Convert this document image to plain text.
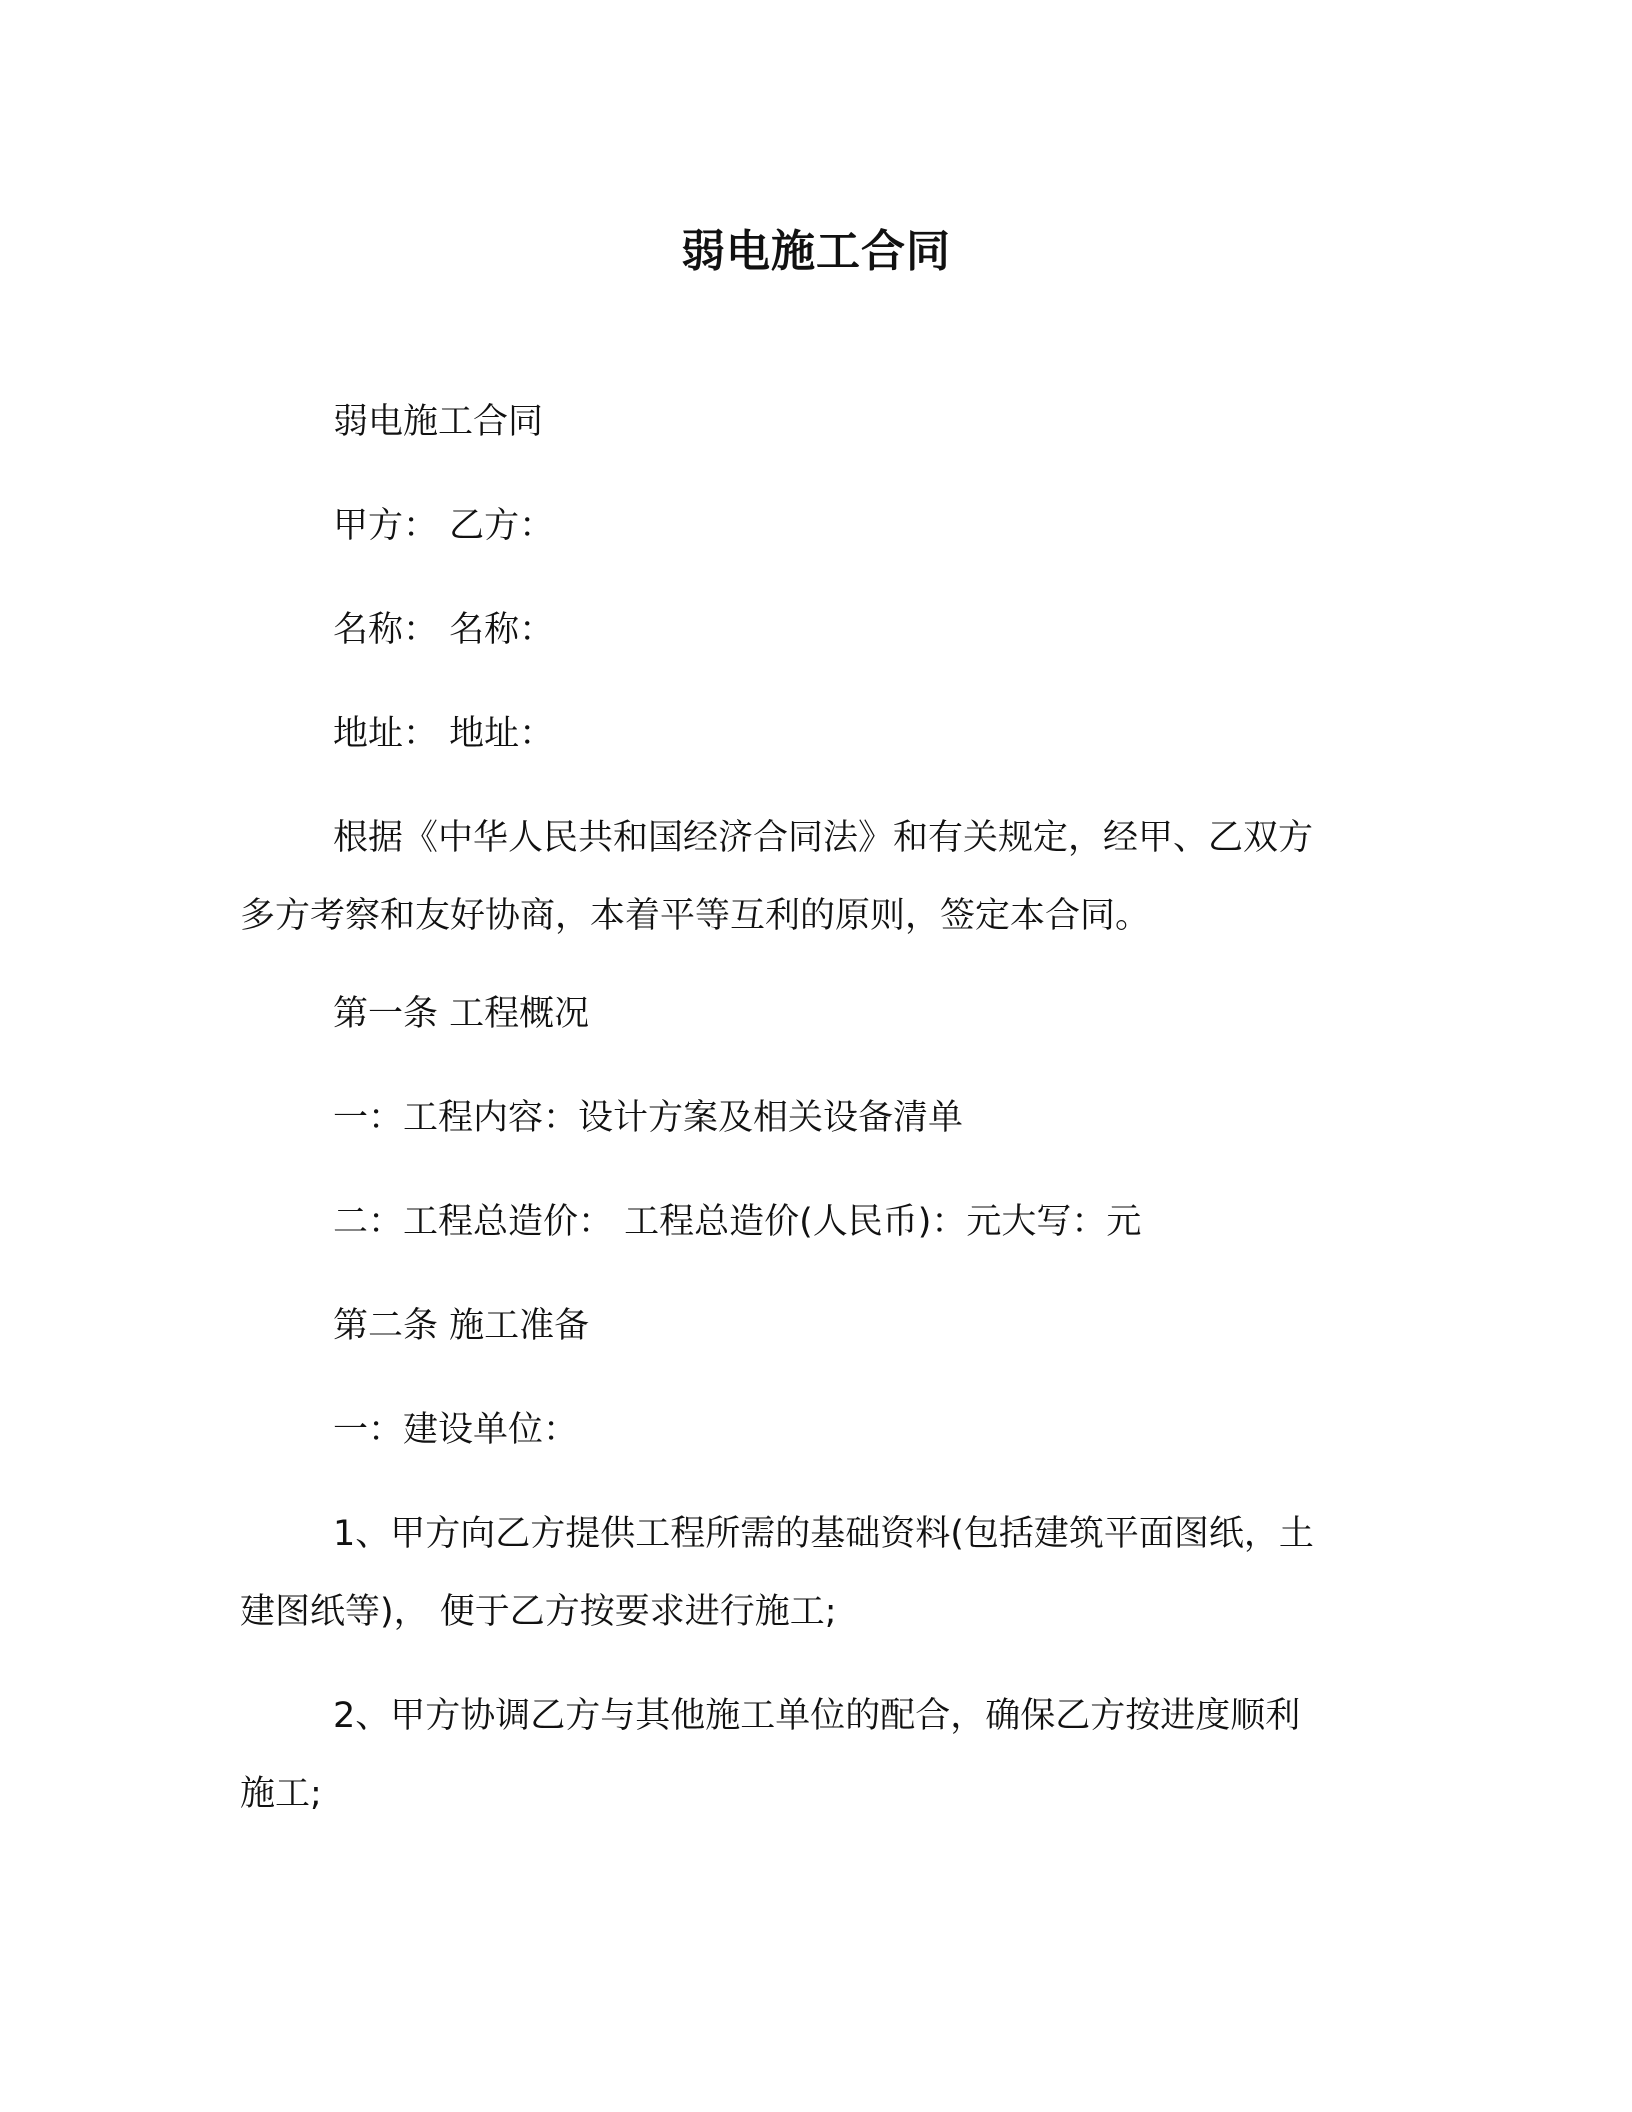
弱电施工合同
弱电施工合同
甲方： 乙方：
名称： 名称：
地址： 地址：
根据《中华人民共和国经济合同法》和有关规定，经甲、乙双方
多方考察和友好协商，本着平等互利的原则，签定本合同。
第一条 工程概况
一：工程内容：设计方案及相关设备清单
二：工程总造价： 工程总造价(人民币)：元大写：元
第二条 施工准备
一：建设单位：
1、甲方向乙方提供工程所需的基础资料(包括建筑平面图纸，土
建图纸等)， 便于乙方按要求进行施工;
2、甲方协调乙方与其他施工单位的配合，确保乙方按进度顺利
施工;
